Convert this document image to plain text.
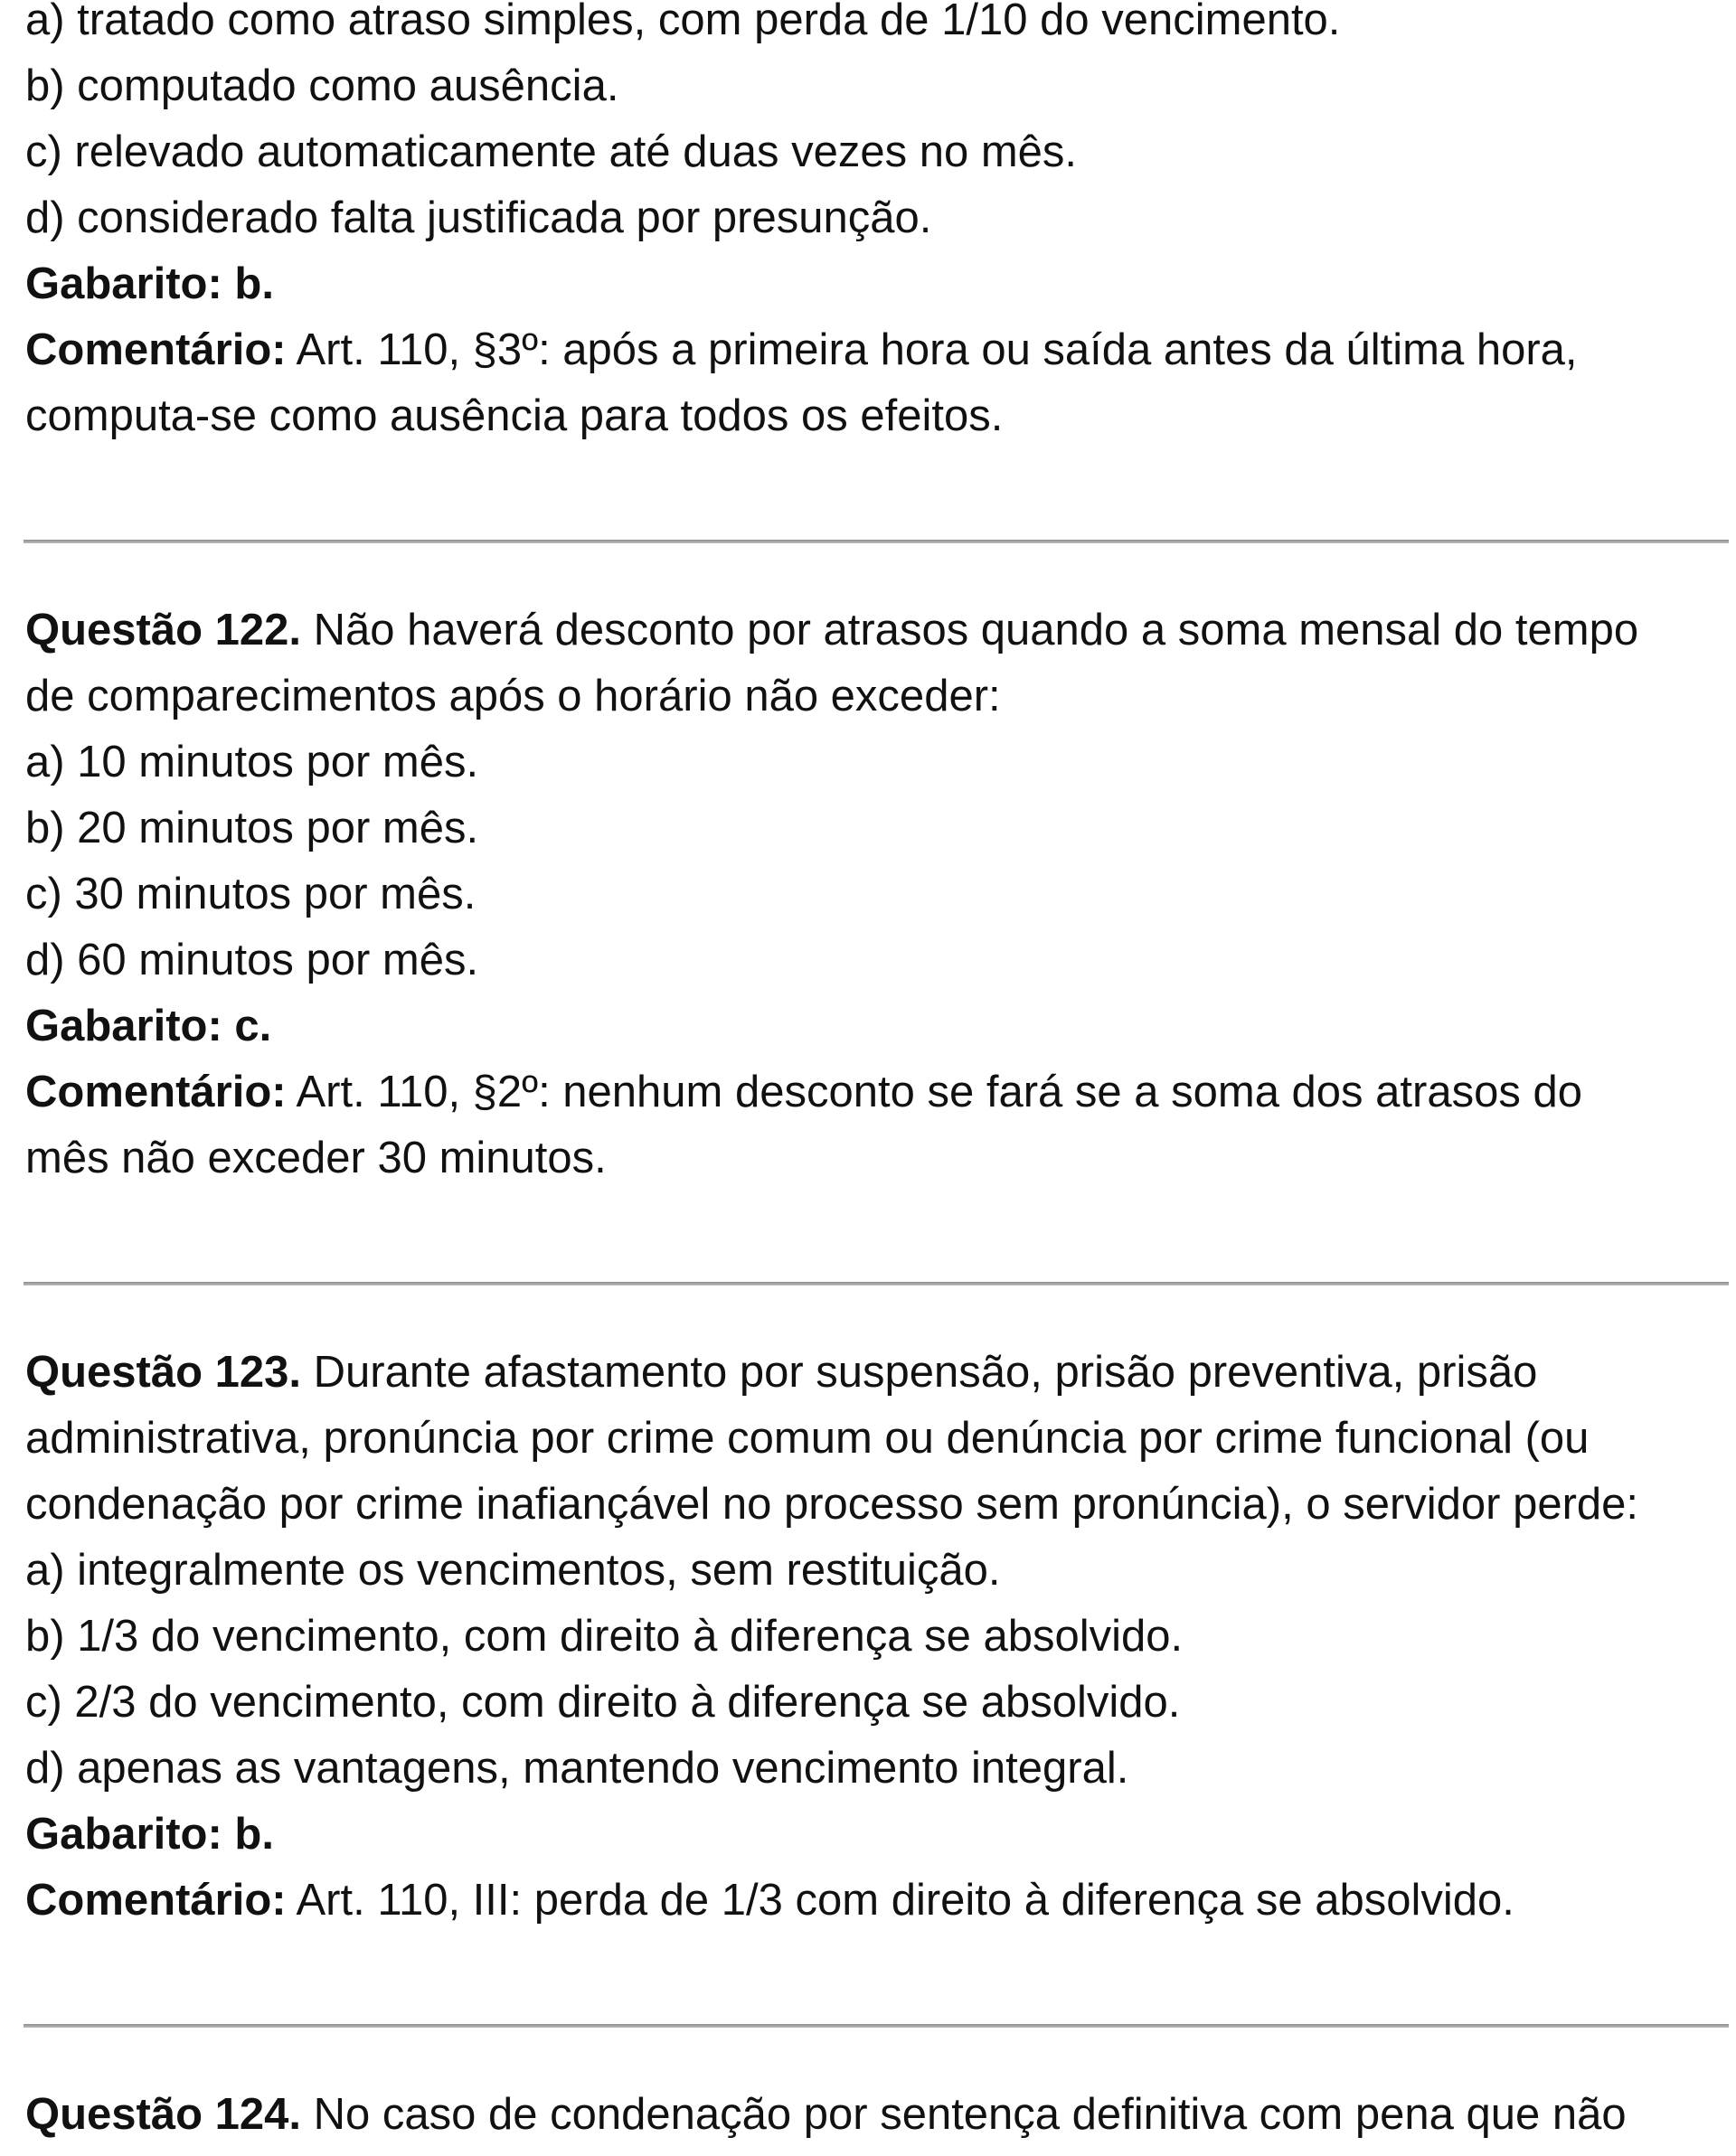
a) tratado como atraso simples, com perda de 1/10 do vencimento.
b) computado como ausência.
c) relevado automaticamente até duas vezes no mês.
d) considerado falta justificada por presunção.
Gabarito: b.
Comentário: Art. 110, §3º: após a primeira hora ou saída antes da última hora,
computa-se como ausência para todos os efeitos.
Questão 122. Não haverá desconto por atrasos quando a soma mensal do tempo
de comparecimentos após o horário não exceder:
a) 10 minutos por mês.
b) 20 minutos por mês.
c) 30 minutos por mês.
d) 60 minutos por mês.
Gabarito: c.
Comentário: Art. 110, §2º: nenhum desconto se fará se a soma dos atrasos do
mês não exceder 30 minutos.
Questão 123. Durante afastamento por suspensão, prisão preventiva, prisão
administrativa, pronúncia por crime comum ou denúncia por crime funcional (ou
condenação por crime inafiançável no processo sem pronúncia), o servidor perde:
a) integralmente os vencimentos, sem restituição.
b) 1/3 do vencimento, com direito à diferença se absolvido.
c) 2/3 do vencimento, com direito à diferença se absolvido.
d) apenas as vantagens, mantendo vencimento integral.
Gabarito: b.
Comentário: Art. 110, III: perda de 1/3 com direito à diferença se absolvido.
Questão 124. No caso de condenação por sentença definitiva com pena que não
